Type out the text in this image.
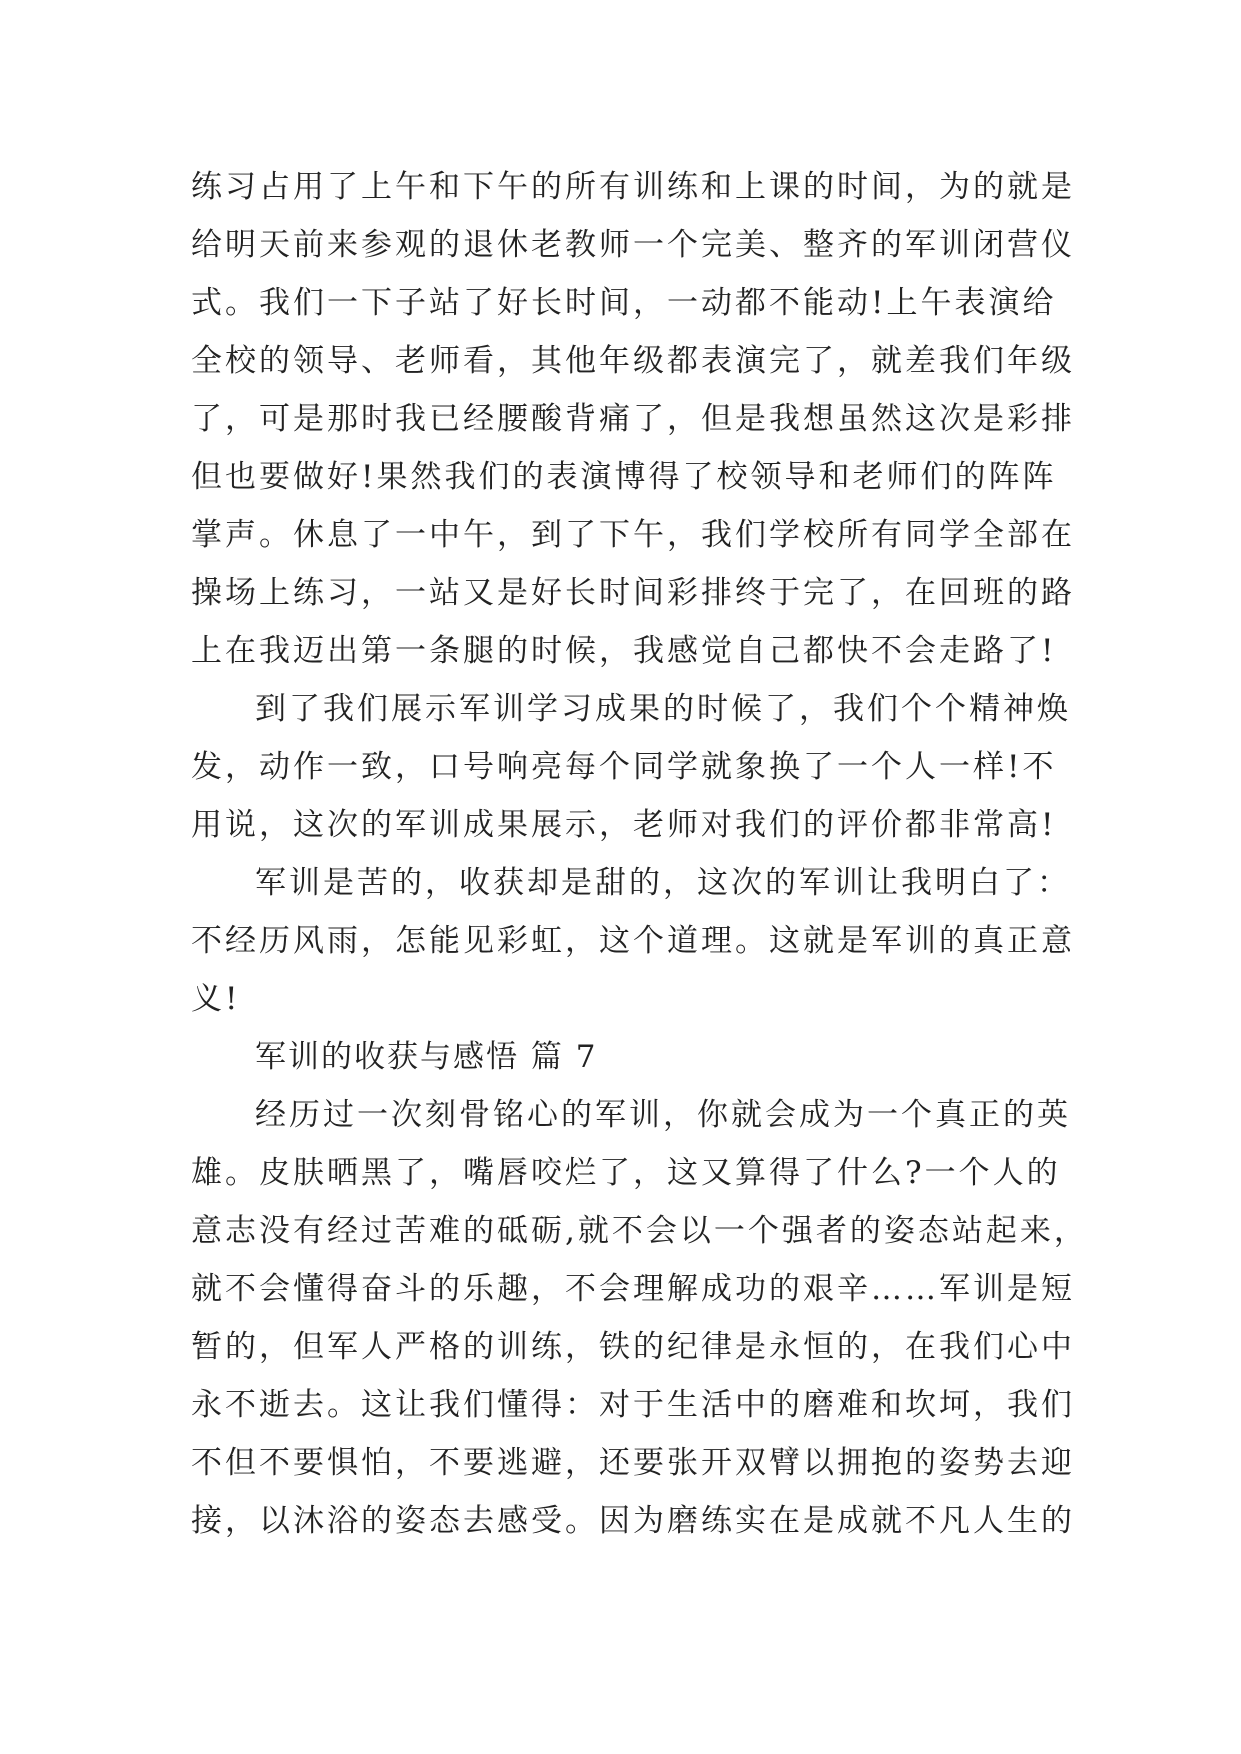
练习占用了上午和下午的所有训练和上课的时间，为的就是
给明天前来参观的退休老教师一个完美、整齐的军训闭营仪
式。我们一下子站了好长时间，一动都不能动!上午表演给
全校的领导、老师看，其他年级都表演完了，就差我们年级
了，可是那时我已经腰酸背痛了，但是我想虽然这次是彩排
但也要做好!果然我们的表演博得了校领导和老师们的阵阵
掌声。休息了一中午，到了下午，我们学校所有同学全部在
操场上练习，一站又是好长时间彩排终于完了，在回班的路
上在我迈出第一条腿的时候，我感觉自己都快不会走路了!
到了我们展示军训学习成果的时候了，我们个个精神焕
发，动作一致，口号响亮每个同学就象换了一个人一样!不
用说，这次的军训成果展示，老师对我们的评价都非常高!
军训是苦的，收获却是甜的，这次的军训让我明白了：
不经历风雨，怎能见彩虹，这个道理。这就是军训的真正意
义!
军训的收获与感悟 篇 7
经历过一次刻骨铭心的军训，你就会成为一个真正的英
雄。皮肤晒黑了，嘴唇咬烂了，这又算得了什么?一个人的
意志没有经过苦难的砥砺,就不会以一个强者的姿态站起来，
就不会懂得奋斗的乐趣，不会理解成功的艰辛……军训是短
暂的，但军人严格的训练，铁的纪律是永恒的，在我们心中
永不逝去。这让我们懂得：对于生活中的磨难和坎坷，我们
不但不要惧怕，不要逃避，还要张开双臂以拥抱的姿势去迎
接，以沐浴的姿态去感受。因为磨练实在是成就不凡人生的
